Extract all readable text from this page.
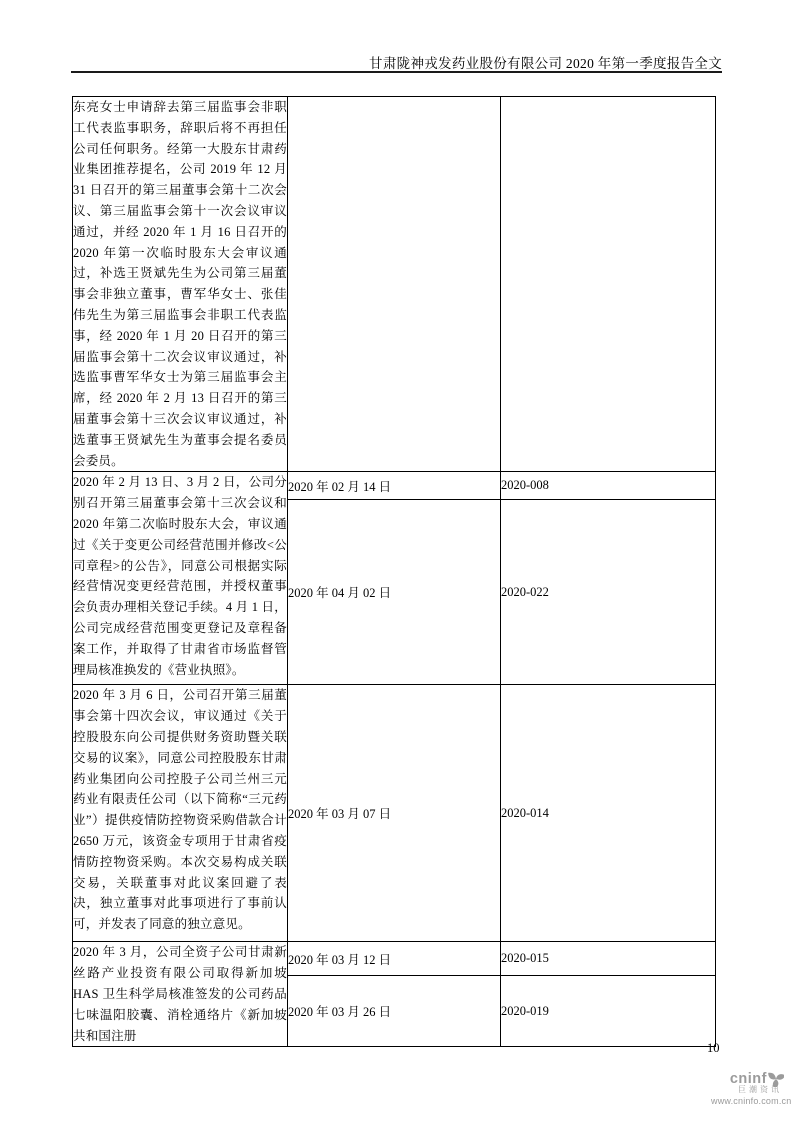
甘肃陇神戎发药业股份有限公司 2020 年第一季度报告全文
东亮女士申请辞去第三届监事会非职工代表监事职务，辞职后将不再担任公司任何职务。经第一大股东甘肃药业集团推荐提名，公司 2019 年 12 月 31 日召开的第三届董事会第十二次会议、第三届监事会第十一次会议审议通过，并经 2020 年 1 月 16 日召开的 2020 年第一次临时股东大会审议通过，补选王贤斌先生为公司第三届董事会非独立董事，曹军华女士、张佳伟先生为第三届监事会非职工代表监事，经 2020 年 1 月 20 日召开的第三届监事会第十二次会议审议通过，补选监事曹军华女士为第三届监事会主席，经 2020 年 2 月 13 日召开的第三届董事会第十三次会议审议通过，补选董事王贤斌先生为董事会提名委员会委员。		
2020 年 2 月 13 日、3 月 2 日，公司分别召开第三届董事会第十三次会议和 2020 年第二次临时股东大会，审议通过《关于变更公司经营范围并修改<公司章程>的公告》，同意公司根据实际经营情况变更经营范围，并授权董事会负责办理相关登记手续。4 月 1 日，公司完成经营范围变更登记及章程备案工作，并取得了甘肃省市场监督管理局核准换发的《营业执照》。	2020 年 02 月 14 日	2020-008
	2020 年 04 月 02 日	2020-022
2020 年 3 月 6 日，公司召开第三届董事会第十四次会议，审议通过《关于控股股东向公司提供财务资助暨关联交易的议案》，同意公司控股股东甘肃药业集团向公司控股子公司兰州三元药业有限责任公司（以下简称“三元药业”）提供疫情防控物资采购借款合计 2650 万元，该资金专项用于甘肃省疫情防控物资采购。本次交易构成关联交易，关联董事对此议案回避了表决，独立董事对此事项进行了事前认可，并发表了同意的独立意见。	2020 年 03 月 07 日	2020-014
2020 年 3 月，公司全资子公司甘肃新丝路产业投资有限公司取得新加坡 HAS 卫生科学局核准签发的公司药品七味温阳胶囊、消栓通络片《新加坡共和国注册	2020 年 03 月 12 日	2020-015
	2020 年 03 月 26 日	2020-019
10
cninf
巨潮资讯
www.cninfo.com.cn
